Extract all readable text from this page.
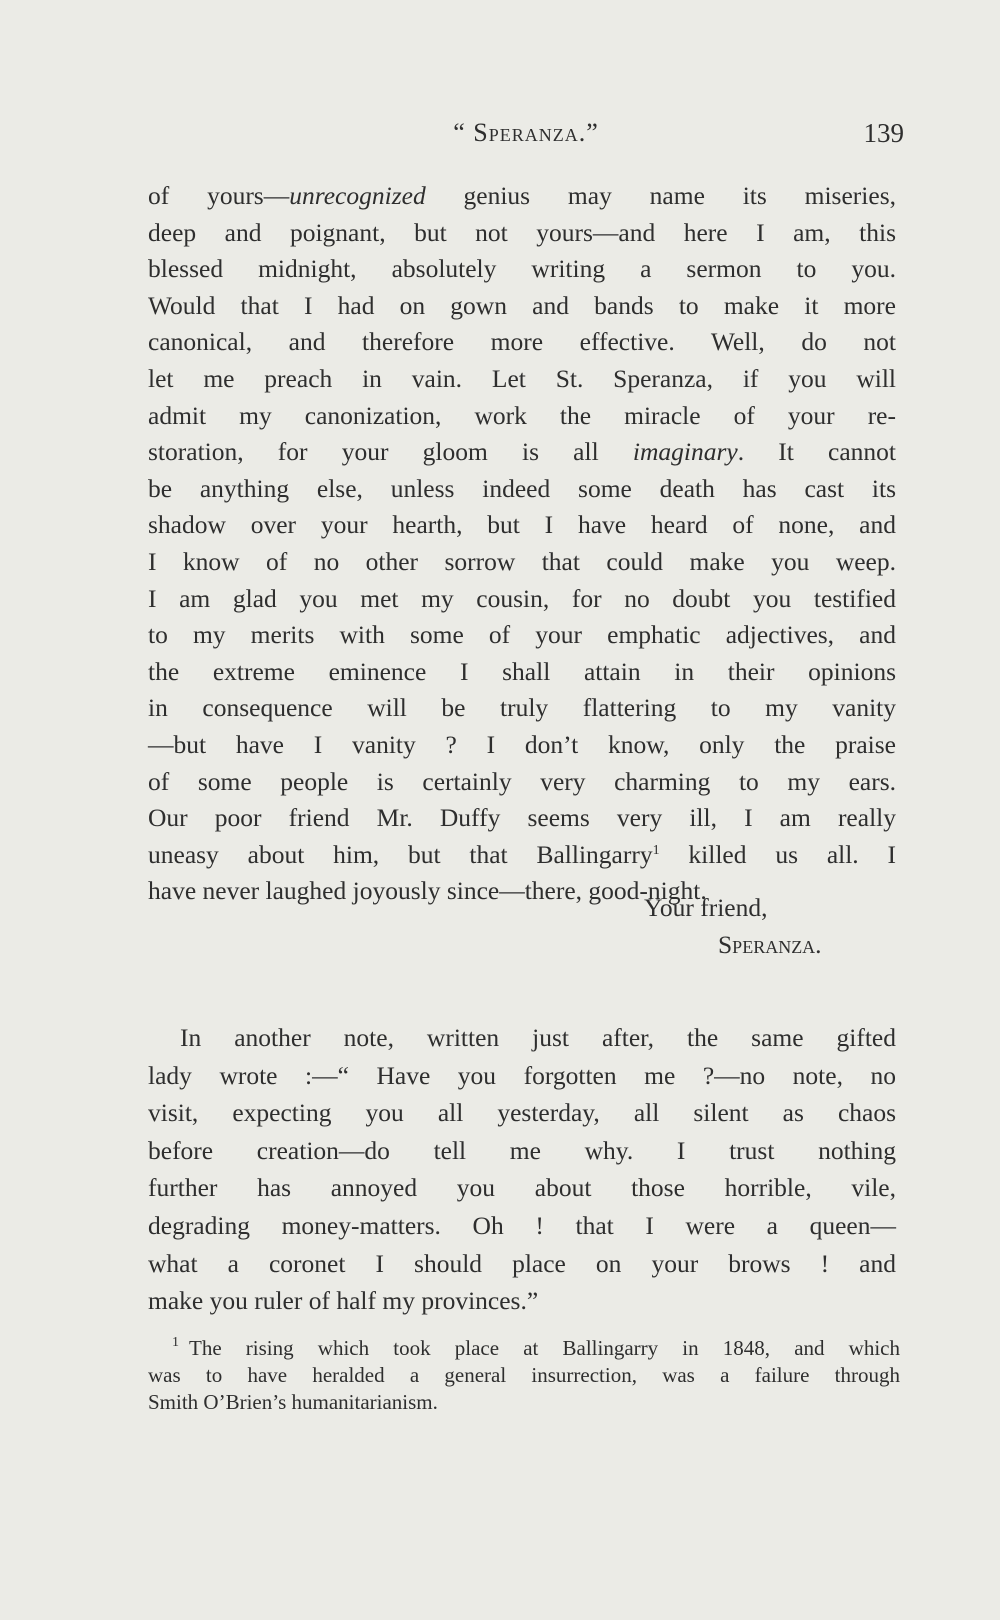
“ Speranza.”	139
of yours—unrecognized genius may name its miseries,
deep and poignant, but not yours—and here I am, this
blessed midnight, absolutely writing a sermon to you.
Would that I had on gown and bands to make it more
canonical, and therefore more effective. Well, do not
let me preach in vain. Let St. Speranza, if you will
admit my canonization, work the miracle of your re-
storation, for your gloom is all imaginary. It cannot
be anything else, unless indeed some death has cast its
shadow over your hearth, but I have heard of none, and
I know of no other sorrow that could make you weep.
I am glad you met my cousin, for no doubt you testified
to my merits with some of your emphatic adjectives, and
the extreme eminence I shall attain in their opinions
in consequence will be truly flattering to my vanity
—but have I vanity ? I don’t know, only the praise
of some people is certainly very charming to my ears.
Our poor friend Mr. Duffy seems very ill, I am really
uneasy about him, but that Ballingarry$^1$ killed us all. I
have never laughed joyously since—there, good-night.
Your friend,
Speranza.
In another note, written just after, the same gifted
lady wrote :—“ Have you forgotten me ?—no note, no
visit, expecting you all yesterday, all silent as chaos
before creation—do tell me why. I trust nothing
further has annoyed you about those horrible, vile,
degrading money-matters. Oh ! that I were a queen—
what a coronet I should place on your brows ! and
make you ruler of half my provinces.”
$^1$ The rising which took place at Ballingarry in 1848, and which
was to have heralded a general insurrection, was a failure through
Smith O’Brien’s humanitarianism.
